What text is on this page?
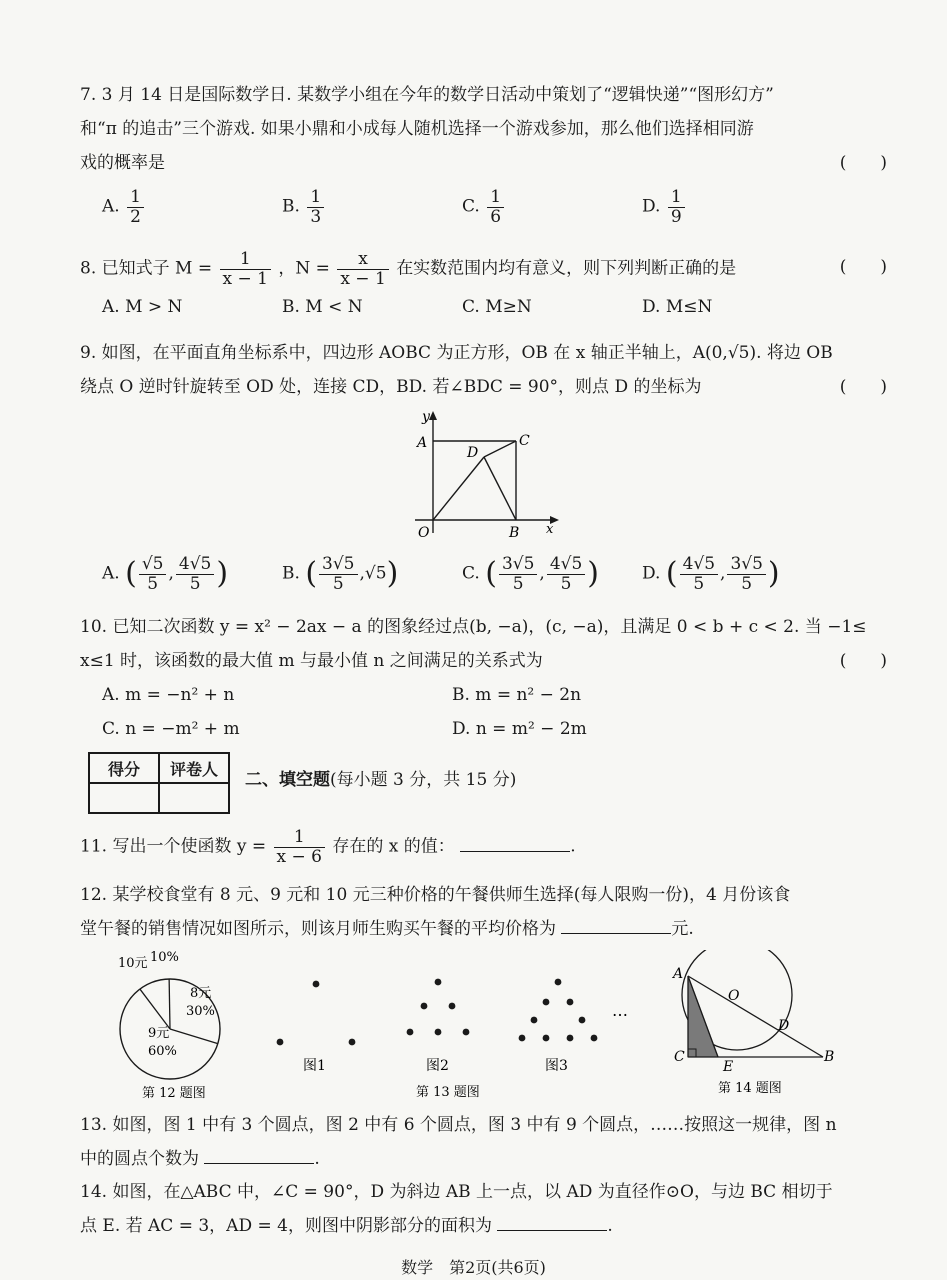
7. 3 月 14 日是国际数学日. 某数学小组在今年的数学日活动中策划了“逻辑快递”“图形幻方”
和“π 的追击”三个游戏. 如果小鼎和小成每人随机选择一个游戏参加，那么他们选择相同游
戏的概率是	(　　)
A. $\frac{1}{2}$	B. $\frac{1}{3}$	C. $\frac{1}{6}$	D. $\frac{1}{9}$
8. 已知式子 $M = \frac{1}{x - 1}$ ，$N = \frac{x}{x - 1}$ 在实数范围内均有意义，则下列判断正确的是	(　　)
A. M > N	B. M < N	C. M≥N	D. M≤N
9. 如图，在平面直角坐标系中，四边形 AOBC 为正方形，OB 在 x 轴正半轴上，A(0,√5). 将边 OB
绕点 O 逆时针旋转至 OD 处，连接 CD，BD. 若∠BDC = 90°，则点 D 的坐标为	(　　)
y
A	C
D
O	B x
A. ( $\frac{√5}{5}$ , $\frac{4√5}{5}$ )	B. ( $\frac{3√5}{5} ,√5$)	C. ( $\frac{3√5}{5}$ , $\frac{4√5}{5}$ )	D. ( $\frac{4√5}{5}$ , $\frac{3√5}{5}$ )
10. 已知二次函数 y = x² − 2ax − a 的图象经过点(b, −a)，(c, −a)，且满足 0 < b + c < 2. 当 −1≤
x≤1 时，该函数的最大值 m 与最小值 n 之间满足的关系式为	(　　)
A. m = −n² + n	B. m = n² − 2n
C. n = −m² + m	D. n = m² − 2m
得分	评卷人

二、填空题(每小题 3 分，共 15 分)
11. 写出一个使函数 $y = \frac{1}{x - 6}$ 存在的 x 的值：	.
12. 某学校食堂有 8 元、9 元和 10 元三种价格的午餐供师生选择(每人限购一份)，4 月份该食
堂午餐的销售情况如图所示，则该月师生购买午餐的平均价格为	元.
10元 10%
8元
30%
9元
60%
第 12 题图
…
图1	图2	图3
第 13 题图
A
O
D
C
E
B
第 14 题图
13. 如图，图 1 中有 3 个圆点，图 2 中有 6 个圆点，图 3 中有 9 个圆点，……按照这一规律，图 n
中的圆点个数为	.
14. 如图，在△ABC 中，∠C = 90°，D 为斜边 AB 上一点，以 AD 为直径作⊙O，与边 BC 相切于
点 E. 若 AC = 3，AD = 4，则图中阴影部分的面积为	.
数学　第2页(共6页)
